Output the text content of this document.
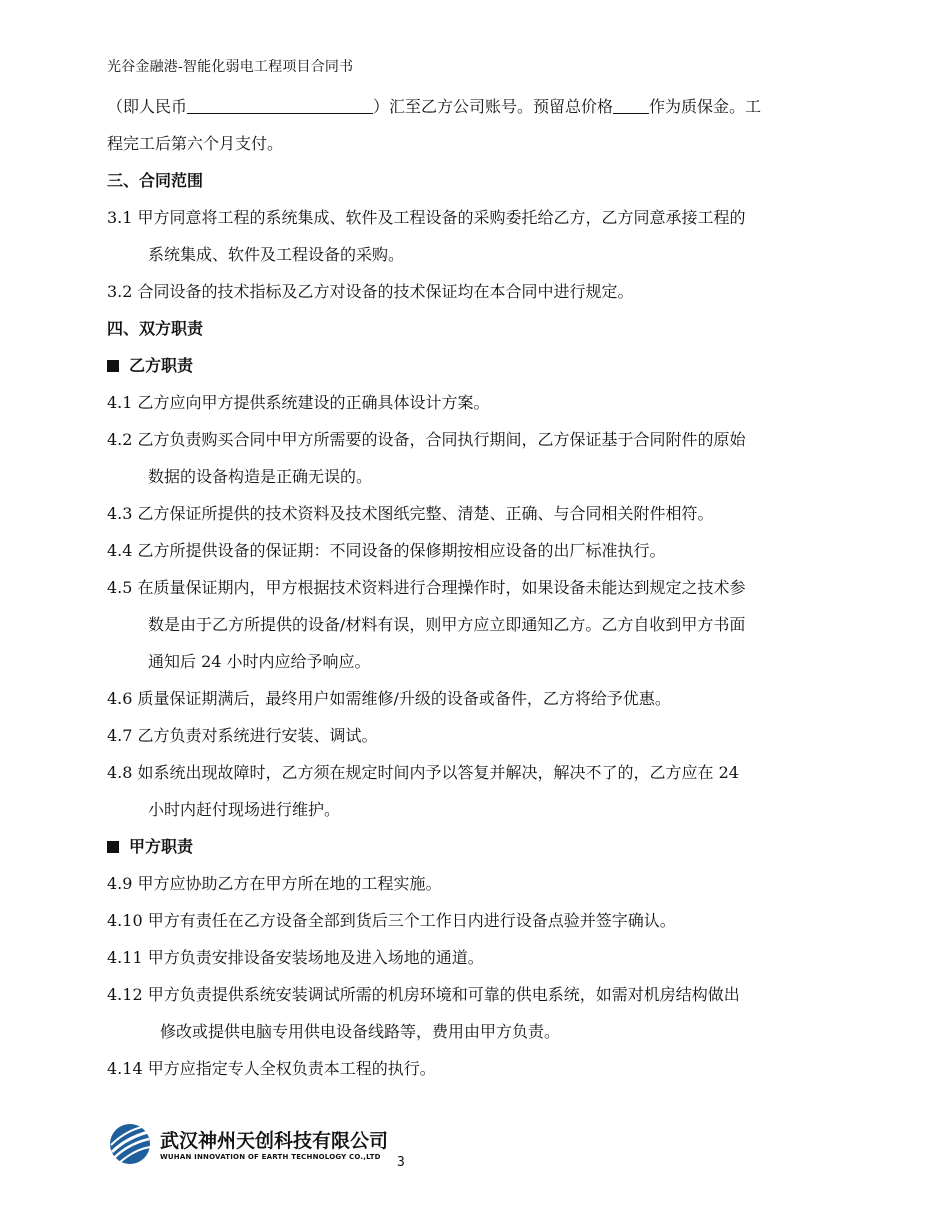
光谷金融港-智能化弱电工程项目合同书
（即人民币	）汇至乙方公司账号。预留总价格 作为质保金。工
程完工后第六个月支付。
三、合同范围
3.1 甲方同意将工程的系统集成、软件及工程设备的采购委托给乙方，乙方同意承接工程的
系统集成、软件及工程设备的采购。
3.2 合同设备的技术指标及乙方对设备的技术保证均在本合同中进行规定。
四、双方职责
乙方职责
4.1 乙方应向甲方提供系统建设的正确具体设计方案。
4.2 乙方负责购买合同中甲方所需要的设备，合同执行期间，乙方保证基于合同附件的原始
数据的设备构造是正确无误的。
4.3 乙方保证所提供的技术资料及技术图纸完整、清楚、正确、与合同相关附件相符。
4.4 乙方所提供设备的保证期：不同设备的保修期按相应设备的出厂标准执行。
4.5 在质量保证期内，甲方根据技术资料进行合理操作时，如果设备未能达到规定之技术参
数是由于乙方所提供的设备/材料有误，则甲方应立即通知乙方。乙方自收到甲方书面
通知后 24 小时内应给予响应。
4.6 质量保证期满后，最终用户如需维修/升级的设备或备件，乙方将给予优惠。
4.7 乙方负责对系统进行安装、调试。
4.8 如系统出现故障时，乙方须在规定时间内予以答复并解决，解决不了的，乙方应在 24
小时内赶付现场进行维护。
甲方职责
4.9 甲方应协助乙方在甲方所在地的工程实施。
4.10 甲方有责任在乙方设备全部到货后三个工作日内进行设备点验并签字确认。
4.11 甲方负责安排设备安装场地及进入场地的通道。
4.12 甲方负责提供系统安装调试所需的机房环境和可靠的供电系统，如需对机房结构做出
修改或提供电脑专用供电设备线路等，费用由甲方负责。
4.14 甲方应指定专人全权负责本工程的执行。
武汉神州天创科技有限公司
WUHAN INNOVATION OF EARTH TECHNOLOGY CO.,LTD 3
